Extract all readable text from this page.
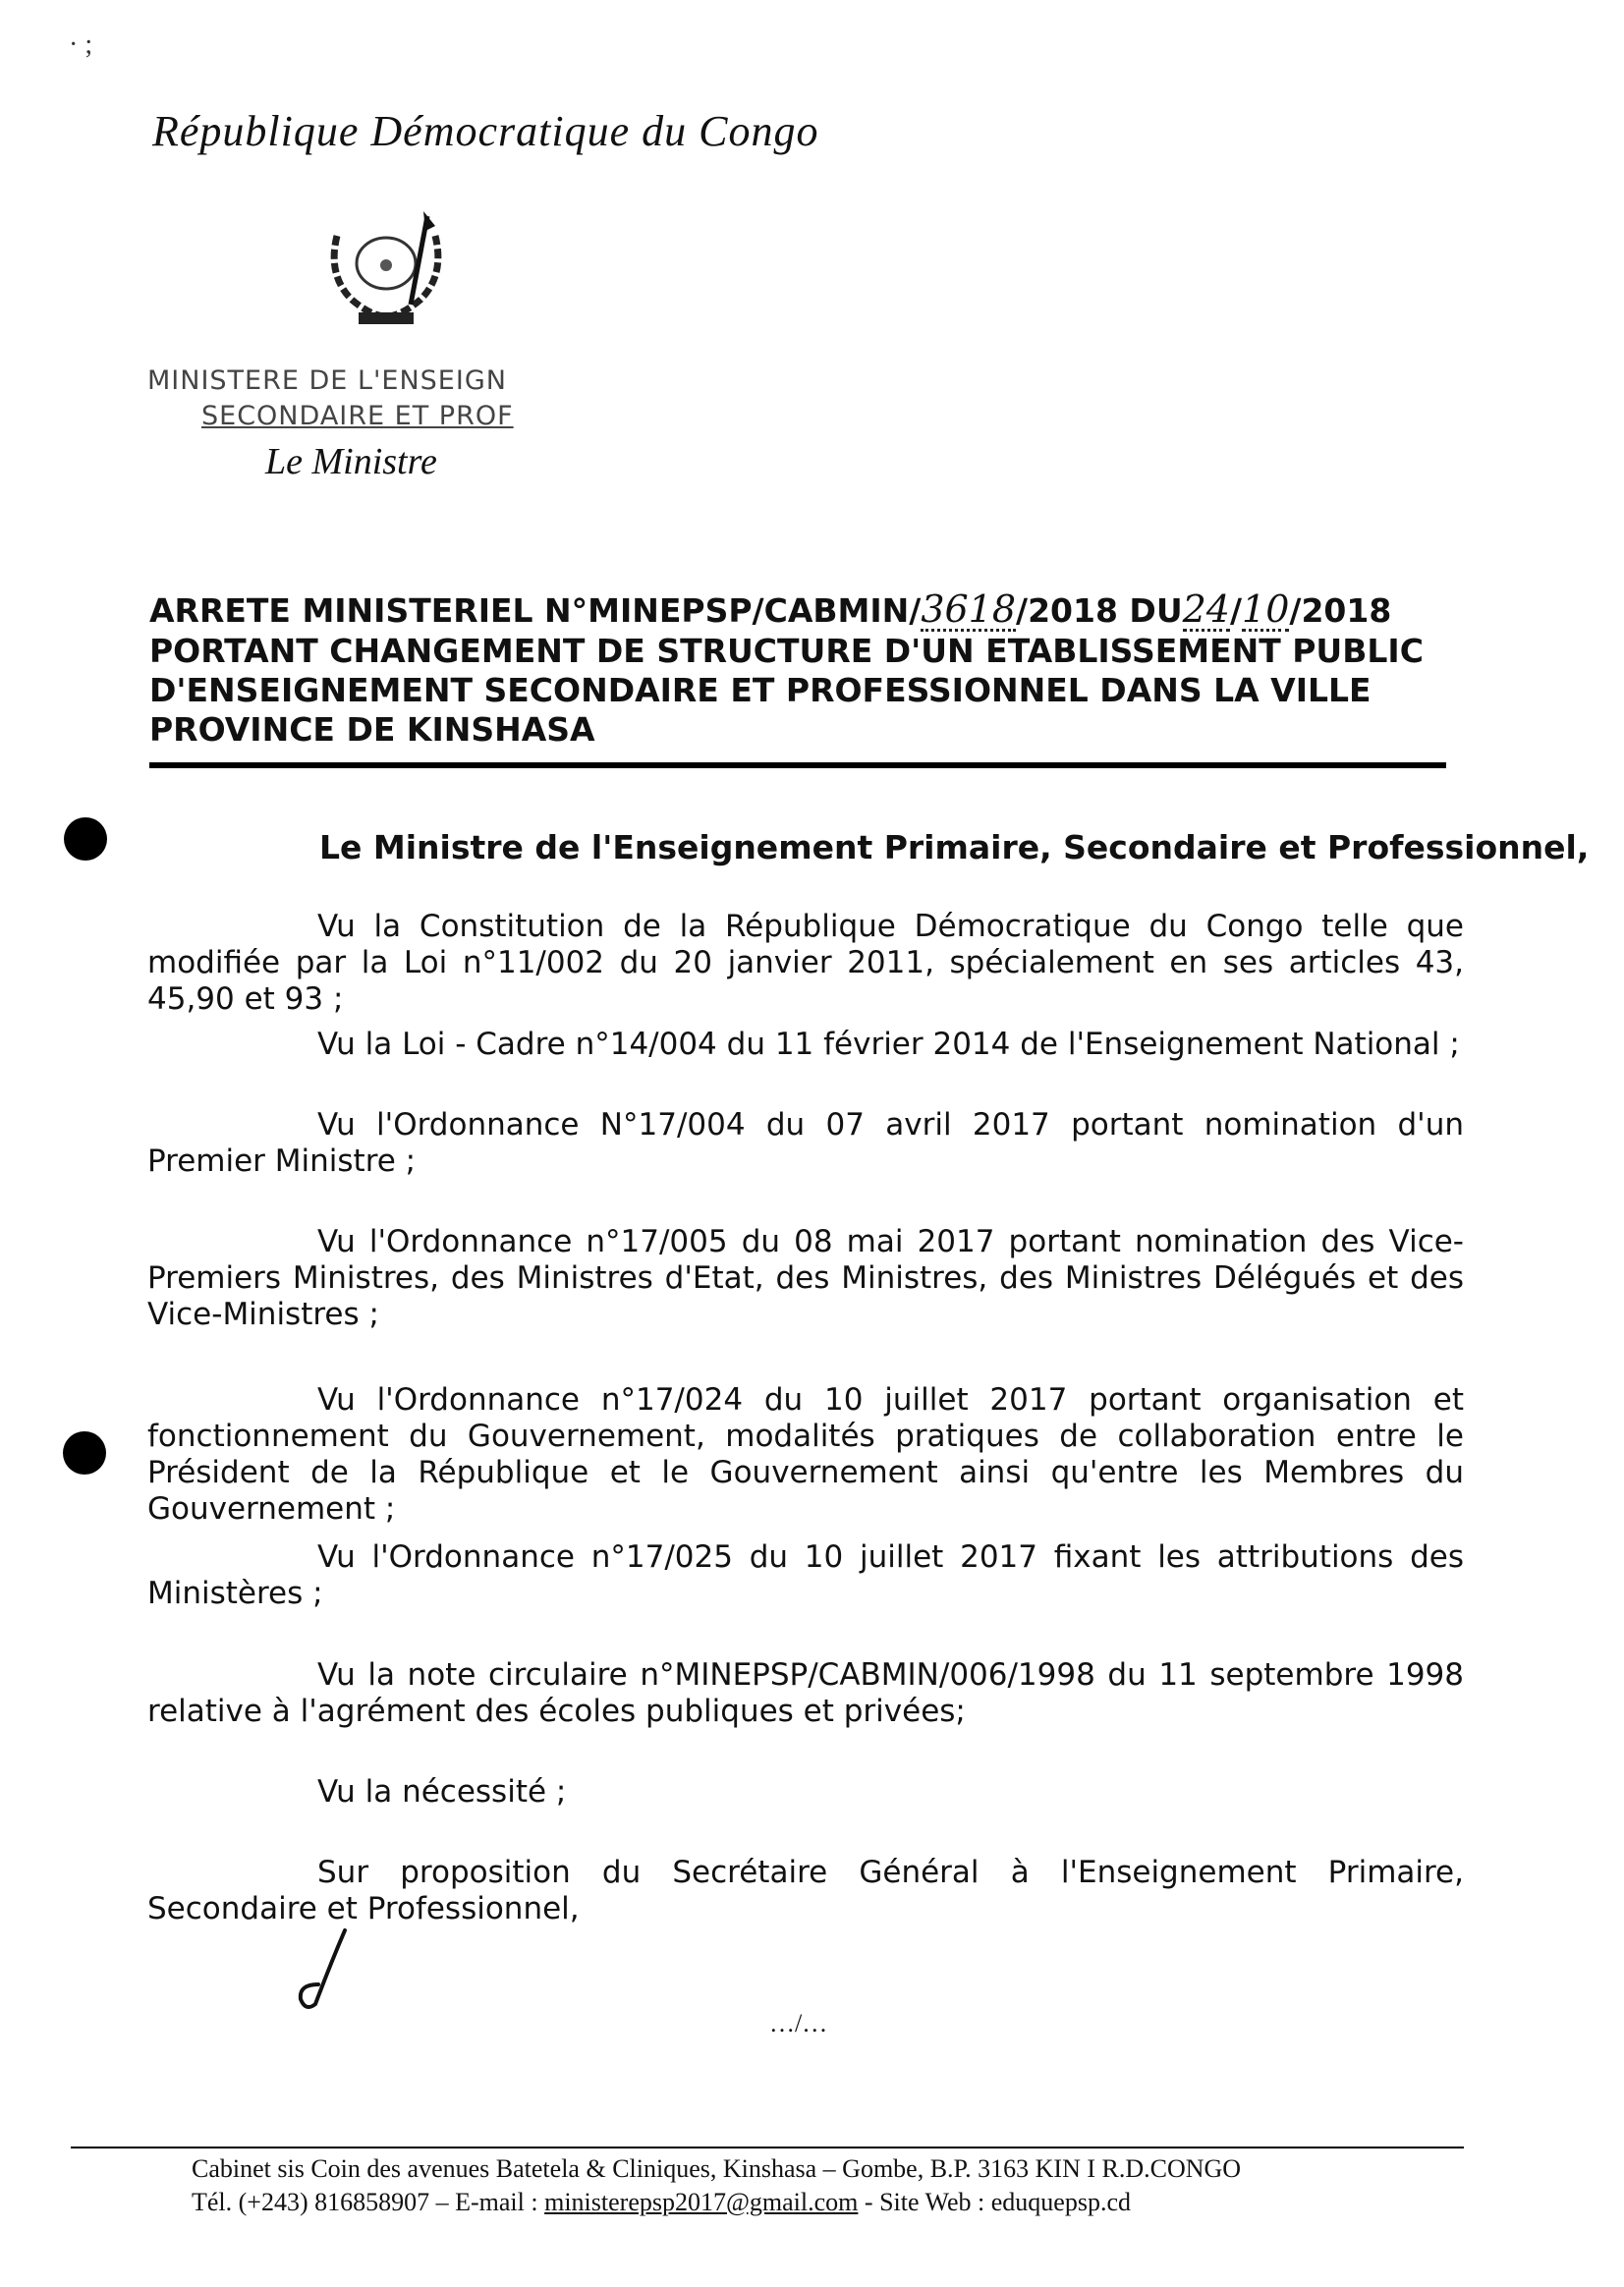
· ;
République Démocratique du Congo
MINISTERE DE L'ENSEIGN
SECONDAIRE ET PROF
Le Ministre
ARRETE MINISTERIEL N°MINEPSP/CABMIN/3618/2018 DU24/10/2018
PORTANT CHANGEMENT DE STRUCTURE D'UN ETABLISSEMENT PUBLIC
D'ENSEIGNEMENT SECONDAIRE ET PROFESSIONNEL DANS LA VILLE
PROVINCE DE KINSHASA
Le Ministre de l'Enseignement Primaire, Secondaire et Professionnel,
Vu la Constitution de la République Démocratique du Congo telle que modifiée par la Loi n°11/002 du 20 janvier 2011, spécialement en ses articles 43, 45,90 et 93 ;
Vu la Loi - Cadre n°14/004 du 11 février 2014 de l'Enseignement National ;
Vu l'Ordonnance N°17/004 du 07 avril 2017 portant nomination d'un Premier Ministre ;
Vu l'Ordonnance n°17/005 du 08 mai 2017 portant nomination des Vice-Premiers Ministres, des Ministres d'Etat, des Ministres, des Ministres Délégués et des Vice-Ministres ;
Vu l'Ordonnance n°17/024 du 10 juillet 2017 portant organisation et fonctionnement du Gouvernement, modalités pratiques de collaboration entre le Président de la République et le Gouvernement ainsi qu'entre les Membres du Gouvernement ;
Vu l'Ordonnance n°17/025 du 10 juillet 2017 fixant les attributions des Ministères ;
Vu la note circulaire n°MINEPSP/CABMIN/006/1998 du 11 septembre 1998 relative à l'agrément des écoles publiques et privées;
Vu la nécessité ;
Sur proposition du Secrétaire Général à l'Enseignement Primaire, Secondaire et Professionnel,
…/…
Cabinet sis Coin des avenues Batetela & Cliniques, Kinshasa – Gombe, B.P. 3163 KIN I R.D.CONGO
Tél. (+243) 816858907 – E-mail : ministerepsp2017@gmail.com - Site Web : eduquepsp.cd
